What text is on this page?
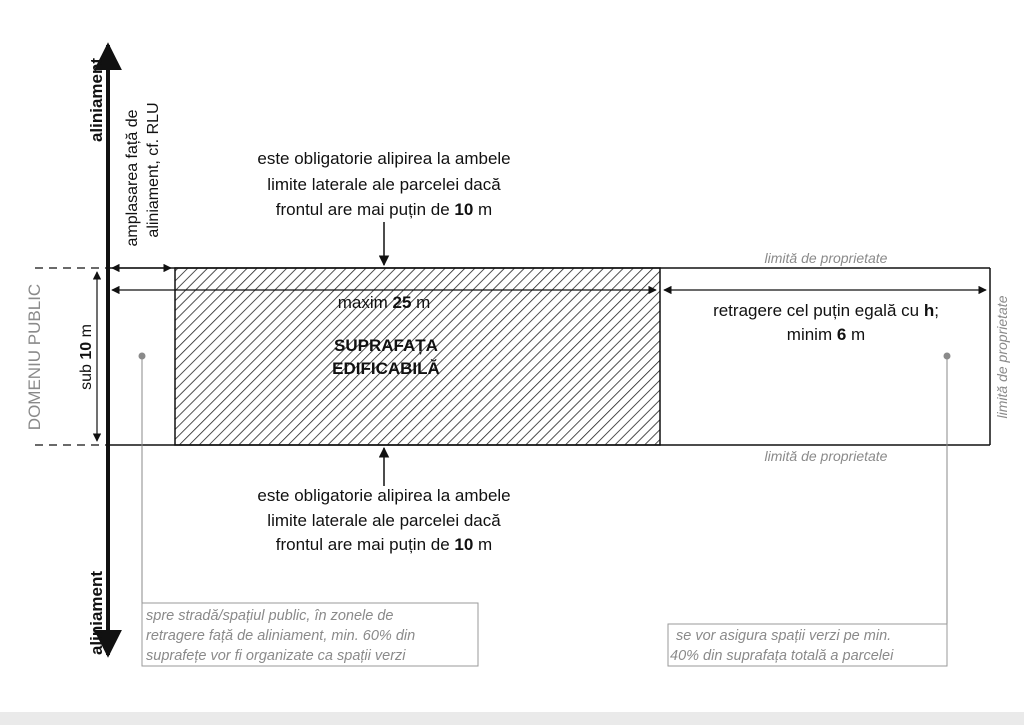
aliniament
aliniament
DOMENIU PUBLIC
amplasarea față de aliniament, cf. RLU
sub 10 m
este obligatorie alipirea la ambele
limite laterale ale parcelei dacă
frontul are mai puțin de 10 m
este obligatorie alipirea la ambele
limite laterale ale parcelei dacă
frontul are mai puțin de 10 m
limită de proprietate
limită de proprietate
limită de proprietate
maxim 25 m
SUPRAFAȚA
EDIFICABILĂ
retragere cel puțin egală cu h;
minim 6 m
spre stradă/spațiul public, în zonele de
retragere față de aliniament, min. 60% din
suprafețe vor fi organizate ca spații verzi
se vor asigura spații verzi pe min.
40% din suprafața totală a parcelei
